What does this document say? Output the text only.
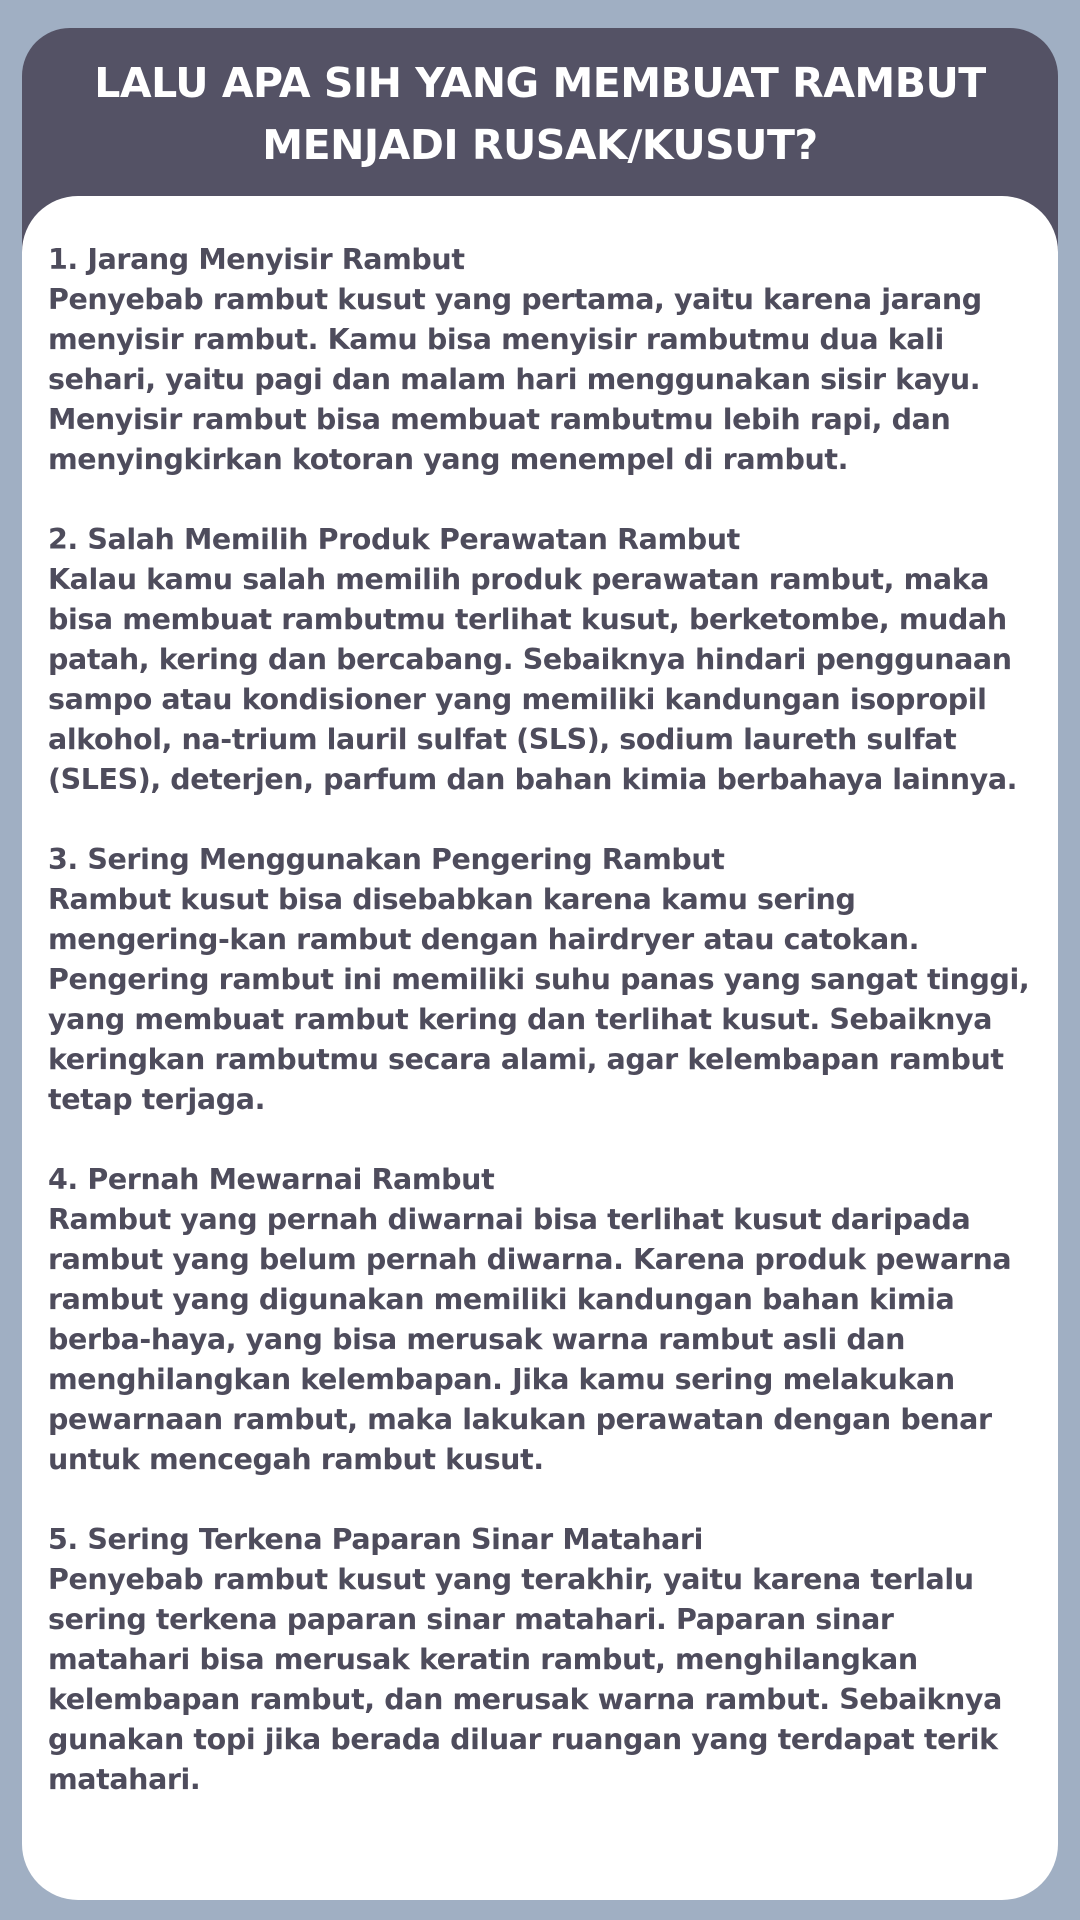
LALU APA SIH YANG MEMBUAT RAMBUT MENJADI RUSAK/KUSUT?

1. Jarang Menyisir Rambut

Penyebab rambut kusut yang pertama, yaitu karena jarang menyisir rambut. Kamu bisa menyisir rambutmu dua kali sehari, yaitu pagi dan malam hari menggunakan sisir kayu. Menyisir rambut bisa membuat rambutmu lebih rapi, dan menyingkirkan kotoran yang menempel di rambut.

2. Salah Memilih Produk Perawatan Rambut

Kalau kamu salah memilih produk perawatan rambut, maka bisa membuat rambutmu terlihat kusut, berketombe, mudah patah, kering dan bercabang. Sebaiknya hindari penggunaan sampo atau kondisioner yang memiliki kandungan isopropil alkohol, na-trium lauril sulfat (SLS), sodium laureth sulfat (SLES), deterjen, parfum dan bahan kimia berbahaya lainnya.

3. Sering Menggunakan Pengering Rambut

Rambut kusut bisa disebabkan karena kamu sering mengering-kan rambut dengan hairdryer atau catokan. Pengering rambut ini memiliki suhu panas yang sangat tinggi, yang membuat rambut kering dan terlihat kusut. Sebaiknya keringkan rambutmu secara alami, agar kelembapan rambut tetap terjaga.

4. Pernah Mewarnai Rambut

Rambut yang pernah diwarnai bisa terlihat kusut daripada rambut yang belum pernah diwarna. Karena produk pewarna rambut yang digunakan memiliki kandungan bahan kimia berba-haya, yang bisa merusak warna rambut asli dan menghilangkan kelembapan. Jika kamu sering melakukan pewarnaan rambut, maka lakukan perawatan dengan benar untuk mencegah rambut kusut.

5. Sering Terkena Paparan Sinar Matahari

Penyebab rambut kusut yang terakhir, yaitu karena terlalu sering terkena paparan sinar matahari. Paparan sinar matahari bisa merusak keratin rambut, menghilangkan kelembapan rambut, dan merusak warna rambut. Sebaiknya gunakan topi jika berada diluar ruangan yang terdapat terik matahari.
